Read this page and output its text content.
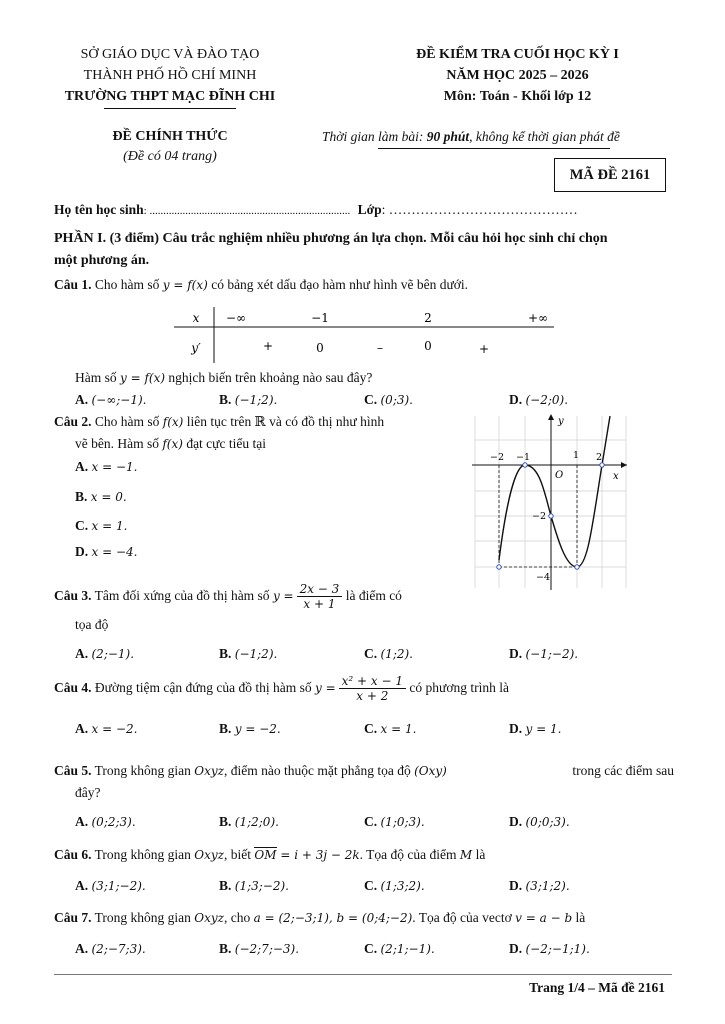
SỞ GIÁO DỤC VÀ ĐÀO TẠO
THÀNH PHỐ HỒ CHÍ MINH
TRƯỜNG THPT MẠC ĐĨNH CHI
ĐỀ CHÍNH THỨC
(Đề có 04 trang)
ĐỀ KIỂM TRA CUỐI HỌC KỲ I
NĂM HỌC 2025 – 2026
Môn: Toán - Khối lớp 12
Thời gian làm bài: 90 phút, không kể thời gian phát đề
MÃ ĐỀ 2161
Họ tên học sinh: ......................................................................... Lớp: ……………………………………
PHẦN I. (3 điểm) Câu trắc nghiệm nhiều phương án lựa chọn. Mỗi câu hỏi học sinh chỉ chọn
một phương án.
Câu 1. Cho hàm số y = f(x) có bảng xét dấu đạo hàm như hình vẽ bên dưới.
x −∞	−1	2	+∞
y′	+	0	–	0	+
Hàm số y = f(x) nghịch biến trên khoảng nào sau đây?
A. (−∞;−1).	B. (−1;2).	C. (0;3).	D. (−2;0).
Câu 2. Cho hàm số f(x) liên tục trên ℝ và có đồ thị như hình
vẽ bên. Hàm số f(x) đạt cực tiểu tại
A. x = −1.
B. x = 0.
C. x = 1.
D. x = −4.
y
x
O
−2 −1	1 2
−2
−4
Câu 3. Tâm đối xứng của đồ thị hàm số $y = \frac{2x - 3}{x + 1}$ là điểm có
tọa độ
A. (2;−1).	B. (−1;2).	C. (1;2).	D. (−1;−2).
Câu 4. Đường tiệm cận đứng của đồ thị hàm số $y = \frac{\text{x² + x − 1}}{x + 2}$ có phương trình là
A. x = −2.	B. y = −2.	C. x = 1.	D. y = 1.
Câu 5. Trong không gian Oxyz, điểm nào thuộc mặt phẳng tọa độ (Oxy)	trong các điểm sau
đây?
A. (0;2;3).	B. (1;2;0).	C. (1;0;3).	D. (0;0;3).
Câu 6. Trong không gian Oxyz, biết OM = i + 3j − 2k. Tọa độ của điểm M là
A. (3;1;−2).	B. (1;3;−2).	C. (1;3;2).	D. (3;1;2).
Câu 7. Trong không gian Oxyz, cho a = (2;−3;1), b = (0;4;−2). Tọa độ của vectơ v = a − b là
A. (2;−7;3).	B. (−2;7;−3).	C. (2;1;−1).	D. (−2;−1;1).
Trang 1/4 – Mã đề 2161
